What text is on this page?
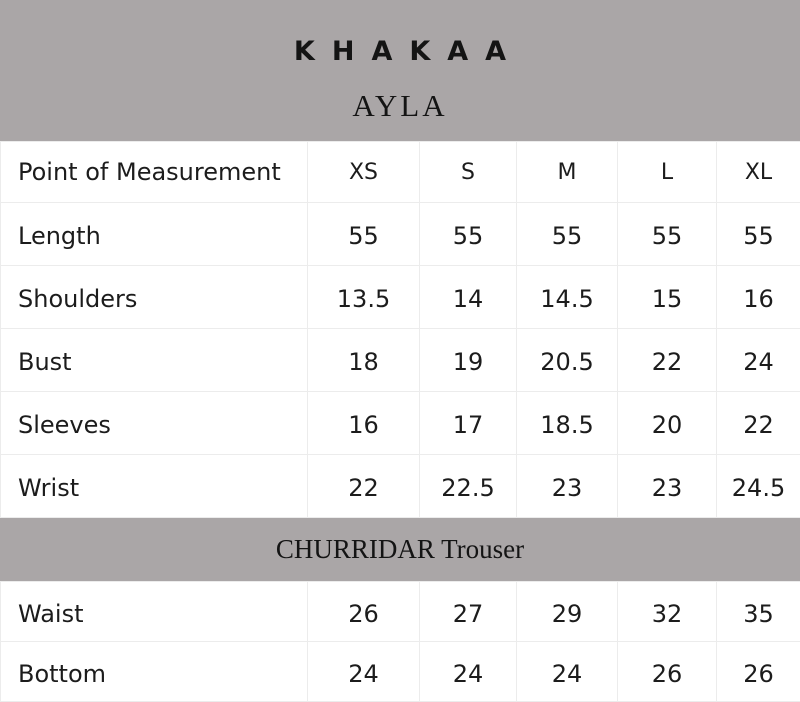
KHAKAA
AYLA
Point of Measurement	XS	S	M	L	XL
Length	55	55	55	55	55
Shoulders	13.5	14	14.5	15	16
Bust	18	19	20.5	22	24
Sleeves	16	17	18.5	20	22
Wrist	22	22.5	23	23	24.5
CHURRIDAR Trouser
Waist	26	27	29	32	35
Bottom	24	24	24	26	26
